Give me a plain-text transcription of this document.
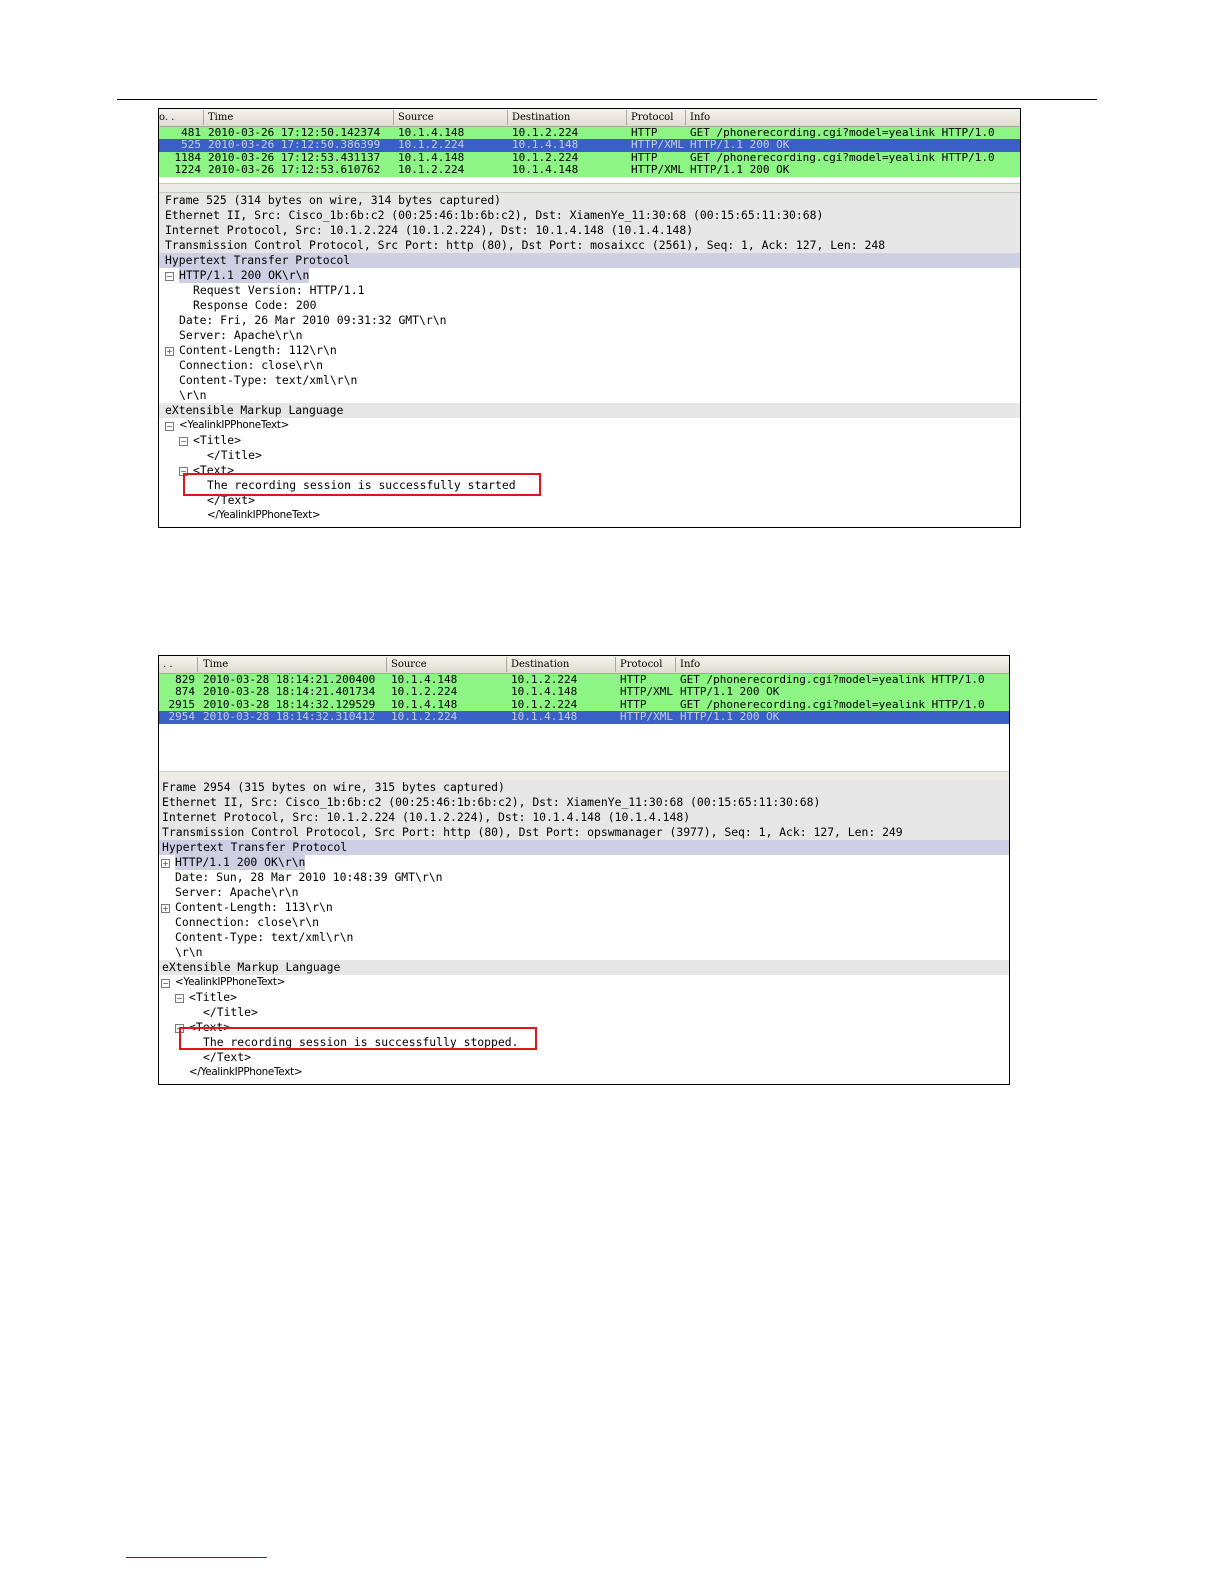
o. .	Time	Source	Destination	Protocol Info
481 2010-03-26 17:12:50.142374 10.1.4.148	10.1.2.224	HTTP	GET /phonerecording.cgi?model=yealink HTTP/1.0
525 2010-03-26 17:12:50.386399 10.1.2.224	10.1.4.148	HTTP/XML HTTP/1.1 200 OK
1184 2010-03-26 17:12:53.431137 10.1.4.148	10.1.2.224	HTTP	GET /phonerecording.cgi?model=yealink HTTP/1.0
1224 2010-03-26 17:12:53.610762 10.1.2.224	10.1.4.148	HTTP/XML HTTP/1.1 200 OK
Frame 525 (314 bytes on wire, 314 bytes captured)
Ethernet II, Src: Cisco_1b:6b:c2 (00:25:46:1b:6b:c2), Dst: XiamenYe_11:30:68 (00:15:65:11:30:68)
Internet Protocol, Src: 10.1.2.224 (10.1.2.224), Dst: 10.1.4.148 (10.1.4.148)
Transmission Control Protocol, Src Port: http (80), Dst Port: mosaixcc (2561), Seq: 1, Ack: 127, Len: 248
Hypertext Transfer Protocol
− HTTP/1.1 200 OK\r\n
Request Version: HTTP/1.1
Response Code: 200
Date: Fri, 26 Mar 2010 09:31:32 GMT\r\n
Server: Apache\r\n
+ Content-Length: 112\r\n
Connection: close\r\n
Content-Type: text/xml\r\n
\r\n
eXtensible Markup Language
− <YealinkIPPhoneText>
− <Title>
</Title>
− <Text>
The recording session is successfully started
</Text>
</YealinkIPPhoneText>
. .	Time	Source	Destination	Protocol Info
829 2010-03-28 18:14:21.200400 10.1.4.148	10.1.2.224	HTTP	GET /phonerecording.cgi?model=yealink HTTP/1.0
874 2010-03-28 18:14:21.401734 10.1.2.224	10.1.4.148	HTTP/XML HTTP/1.1 200 OK
2915 2010-03-28 18:14:32.129529 10.1.4.148	10.1.2.224	HTTP	GET /phonerecording.cgi?model=yealink HTTP/1.0
2954 2010-03-28 18:14:32.310412 10.1.2.224	10.1.4.148	HTTP/XML HTTP/1.1 200 OK
Frame 2954 (315 bytes on wire, 315 bytes captured)
Ethernet II, Src: Cisco_1b:6b:c2 (00:25:46:1b:6b:c2), Dst: XiamenYe_11:30:68 (00:15:65:11:30:68)
Internet Protocol, Src: 10.1.2.224 (10.1.2.224), Dst: 10.1.4.148 (10.1.4.148)
Transmission Control Protocol, Src Port: http (80), Dst Port: opswmanager (3977), Seq: 1, Ack: 127, Len: 249
Hypertext Transfer Protocol
+ HTTP/1.1 200 OK\r\n
Date: Sun, 28 Mar 2010 10:48:39 GMT\r\n
Server: Apache\r\n
+ Content-Length: 113\r\n
Connection: close\r\n
Content-Type: text/xml\r\n
\r\n
eXtensible Markup Language
− <YealinkIPPhoneText>
− <Title>
</Title>
− <Text>
The recording session is successfully stopped.
</Text>
</YealinkIPPhoneText>
